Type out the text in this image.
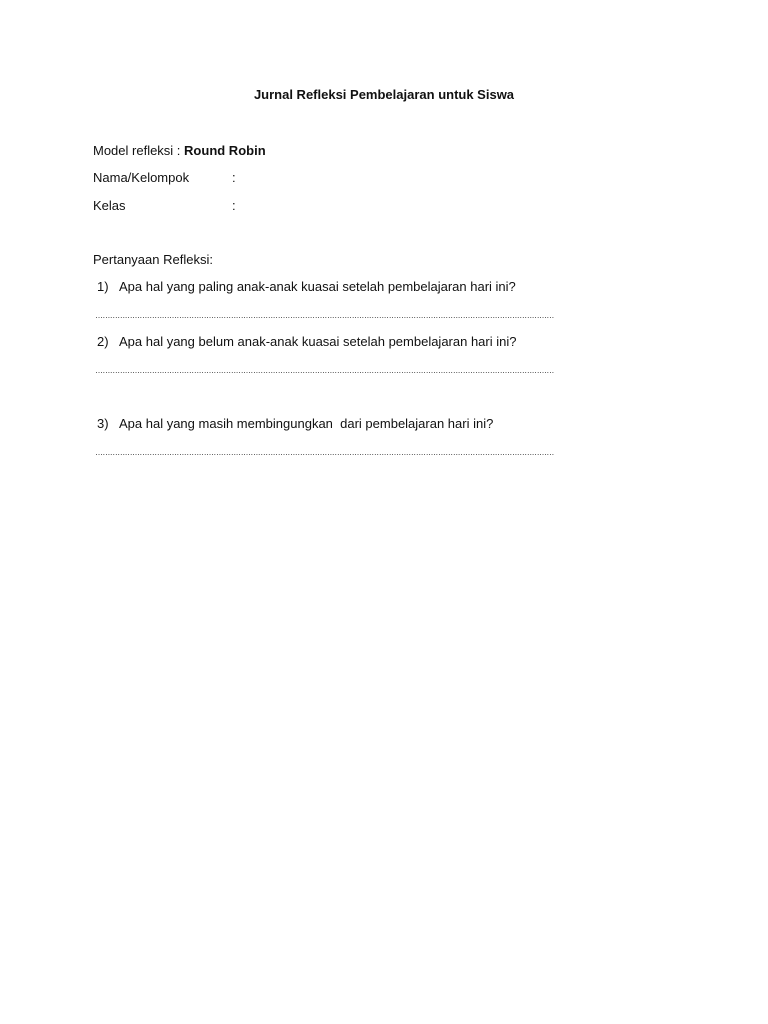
Jurnal Refleksi Pembelajaran untuk Siswa
Model refleksi : Round Robin
Nama/Kelompok	:
Kelas	:
Pertanyaan Refleksi:
1) Apa hal yang paling anak-anak kuasai setelah pembelajaran hari ini?
……………………………………………………………………………………………………………………………………………………………………
2) Apa hal yang belum anak-anak kuasai setelah pembelajaran hari ini?
……………………………………………………………………………………………………………………………………………………………………
3) Apa hal yang masih membingungkan  dari pembelajaran hari ini?
……………………………………………………………………………………………………………………………………………………………………
